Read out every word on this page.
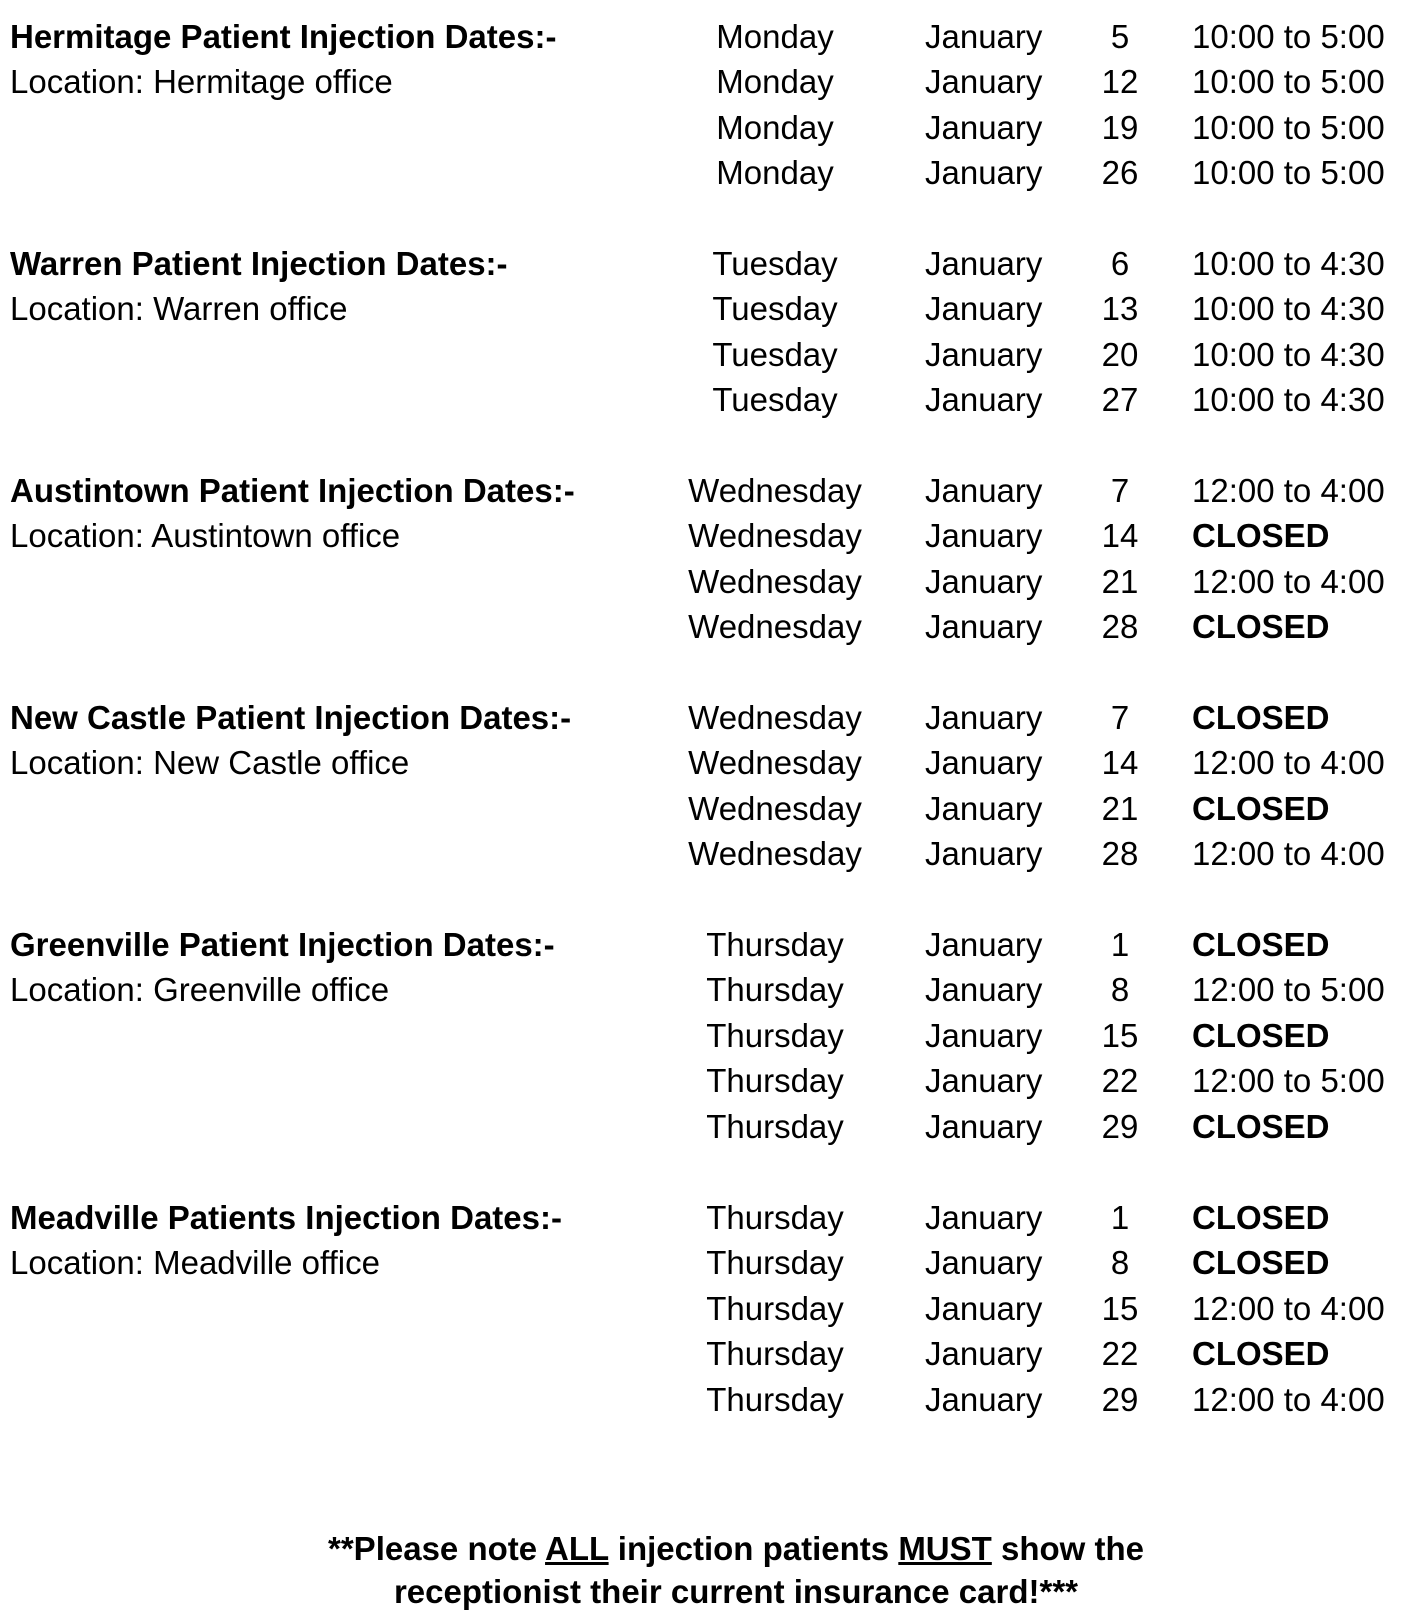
Hermitage Patient Injection Dates:-
Location: Hermitage office
Monday	January	5	10:00 to 5:00
Monday	January	12	10:00 to 5:00
Monday	January	19	10:00 to 5:00
Monday	January	26	10:00 to 5:00
Warren Patient Injection Dates:-
Location: Warren office
Tuesday	January	6	10:00 to 4:30
Tuesday	January	13	10:00 to 4:30
Tuesday	January	20	10:00 to 4:30
Tuesday	January	27	10:00 to 4:30
Austintown Patient Injection Dates:-
Location: Austintown office
Wednesday	January	7	12:00 to 4:00
Wednesday	January	14	CLOSED
Wednesday	January	21	12:00 to 4:00
Wednesday	January	28	CLOSED
New Castle Patient Injection Dates:-
Location: New Castle office
Wednesday	January	7	CLOSED
Wednesday	January	14	12:00 to 4:00
Wednesday	January	21	CLOSED
Wednesday	January	28	12:00 to 4:00
Greenville Patient Injection Dates:-
Location: Greenville office
Thursday	January	1	CLOSED
Thursday	January	8	12:00 to 5:00
Thursday	January	15	CLOSED
Thursday	January	22	12:00 to 5:00
Thursday	January	29	CLOSED
Meadville Patients Injection Dates:-
Location: Meadville office
Thursday	January	1	CLOSED
Thursday	January	8	CLOSED
Thursday	January	15	12:00 to 4:00
Thursday	January	22	CLOSED
Thursday	January	29	12:00 to 4:00
**Please note ALL injection patients MUST show the
receptionist their current insurance card!***
